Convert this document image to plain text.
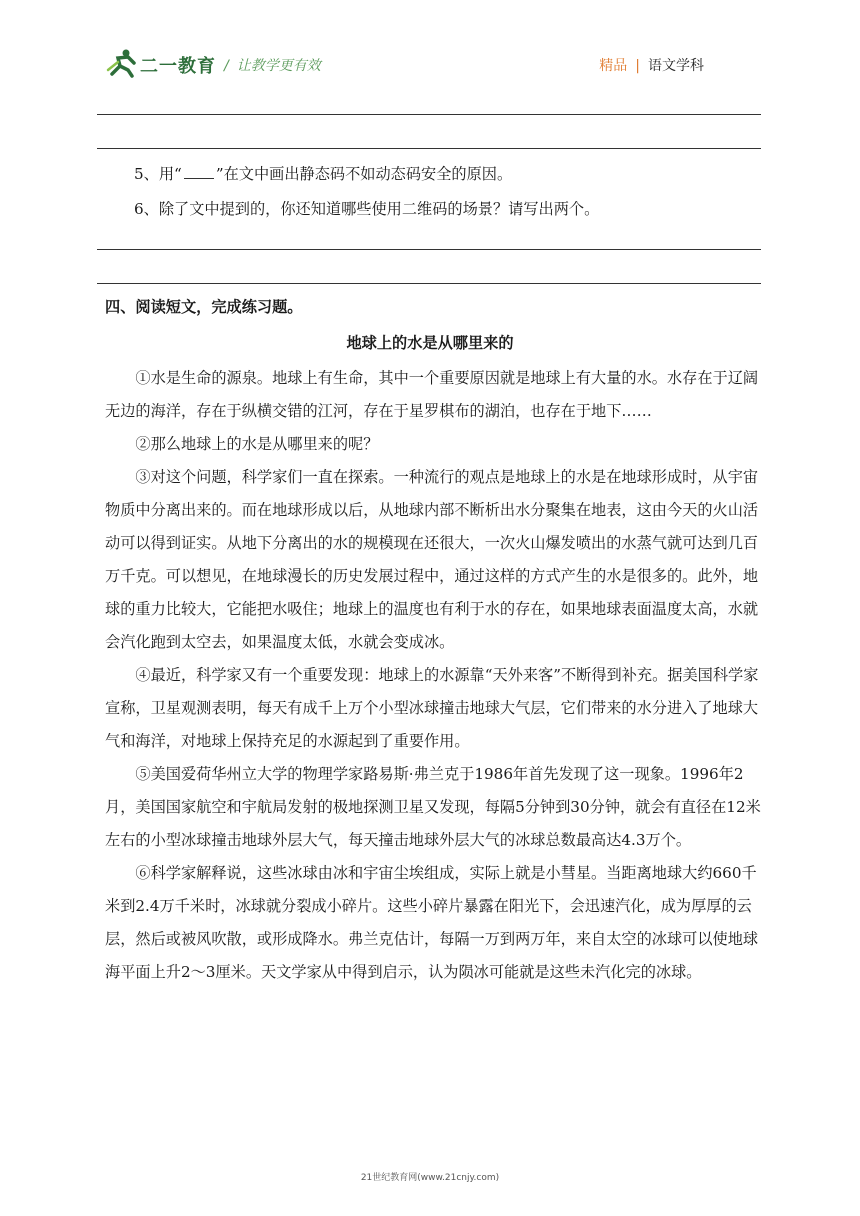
二一教育 / 让教学更有效	精品 | 语文学科
5、用“ ”在文中画出静态码不如动态码安全的原因。
6、除了文中提到的，你还知道哪些使用二维码的场景？请写出两个。
四、阅读短文，完成练习题。
地球上的水是从哪里来的

①水是生命的源泉。地球上有生命，其中一个重要原因就是地球上有大量的水。水存在于辽阔无边的海洋，存在于纵横交错的江河，存在于星罗棋布的湖泊，也存在于地下……

②那么地球上的水是从哪里来的呢？

③对这个问题，科学家们一直在探索。一种流行的观点是地球上的水是在地球形成时，从宇宙物质中分离出来的。而在地球形成以后，从地球内部不断析出水分聚集在地表，这由今天的火山活动可以得到证实。从地下分离出的水的规模现在还很大，一次火山爆发喷出的水蒸气就可达到几百万千克。可以想见，在地球漫长的历史发展过程中，通过这样的方式产生的水是很多的。此外，地球的重力比较大，它能把水吸住；地球上的温度也有利于水的存在，如果地球表面温度太高，水就会汽化跑到太空去，如果温度太低，水就会变成冰。

④最近，科学家又有一个重要发现：地球上的水源靠“天外来客”不断得到补充。据美国科学家宣称，卫星观测表明，每天有成千上万个小型冰球撞击地球大气层，它们带来的水分进入了地球大气和海洋，对地球上保持充足的水源起到了重要作用。

⑤美国爱荷华州立大学的物理学家路易斯·弗兰克于1986年首先发现了这一现象。1996年2月，美国国家航空和宇航局发射的极地探测卫星又发现，每隔5分钟到30分钟，就会有直径在12米左右的小型冰球撞击地球外层大气，每天撞击地球外层大气的冰球总数最高达4.3万个。

⑥科学家解释说，这些冰球由冰和宇宙尘埃组成，实际上就是小彗星。当距离地球大约660千米到2.4万千米时，冰球就分裂成小碎片。这些小碎片暴露在阳光下，会迅速汽化，成为厚厚的云层，然后或被风吹散，或形成降水。弗兰克估计，每隔一万到两万年，来自太空的冰球可以使地球海平面上升2～3厘米。天文学家从中得到启示，认为陨冰可能就是这些未汽化完的冰球。

21世纪教育网(www.21cnjy.com)
